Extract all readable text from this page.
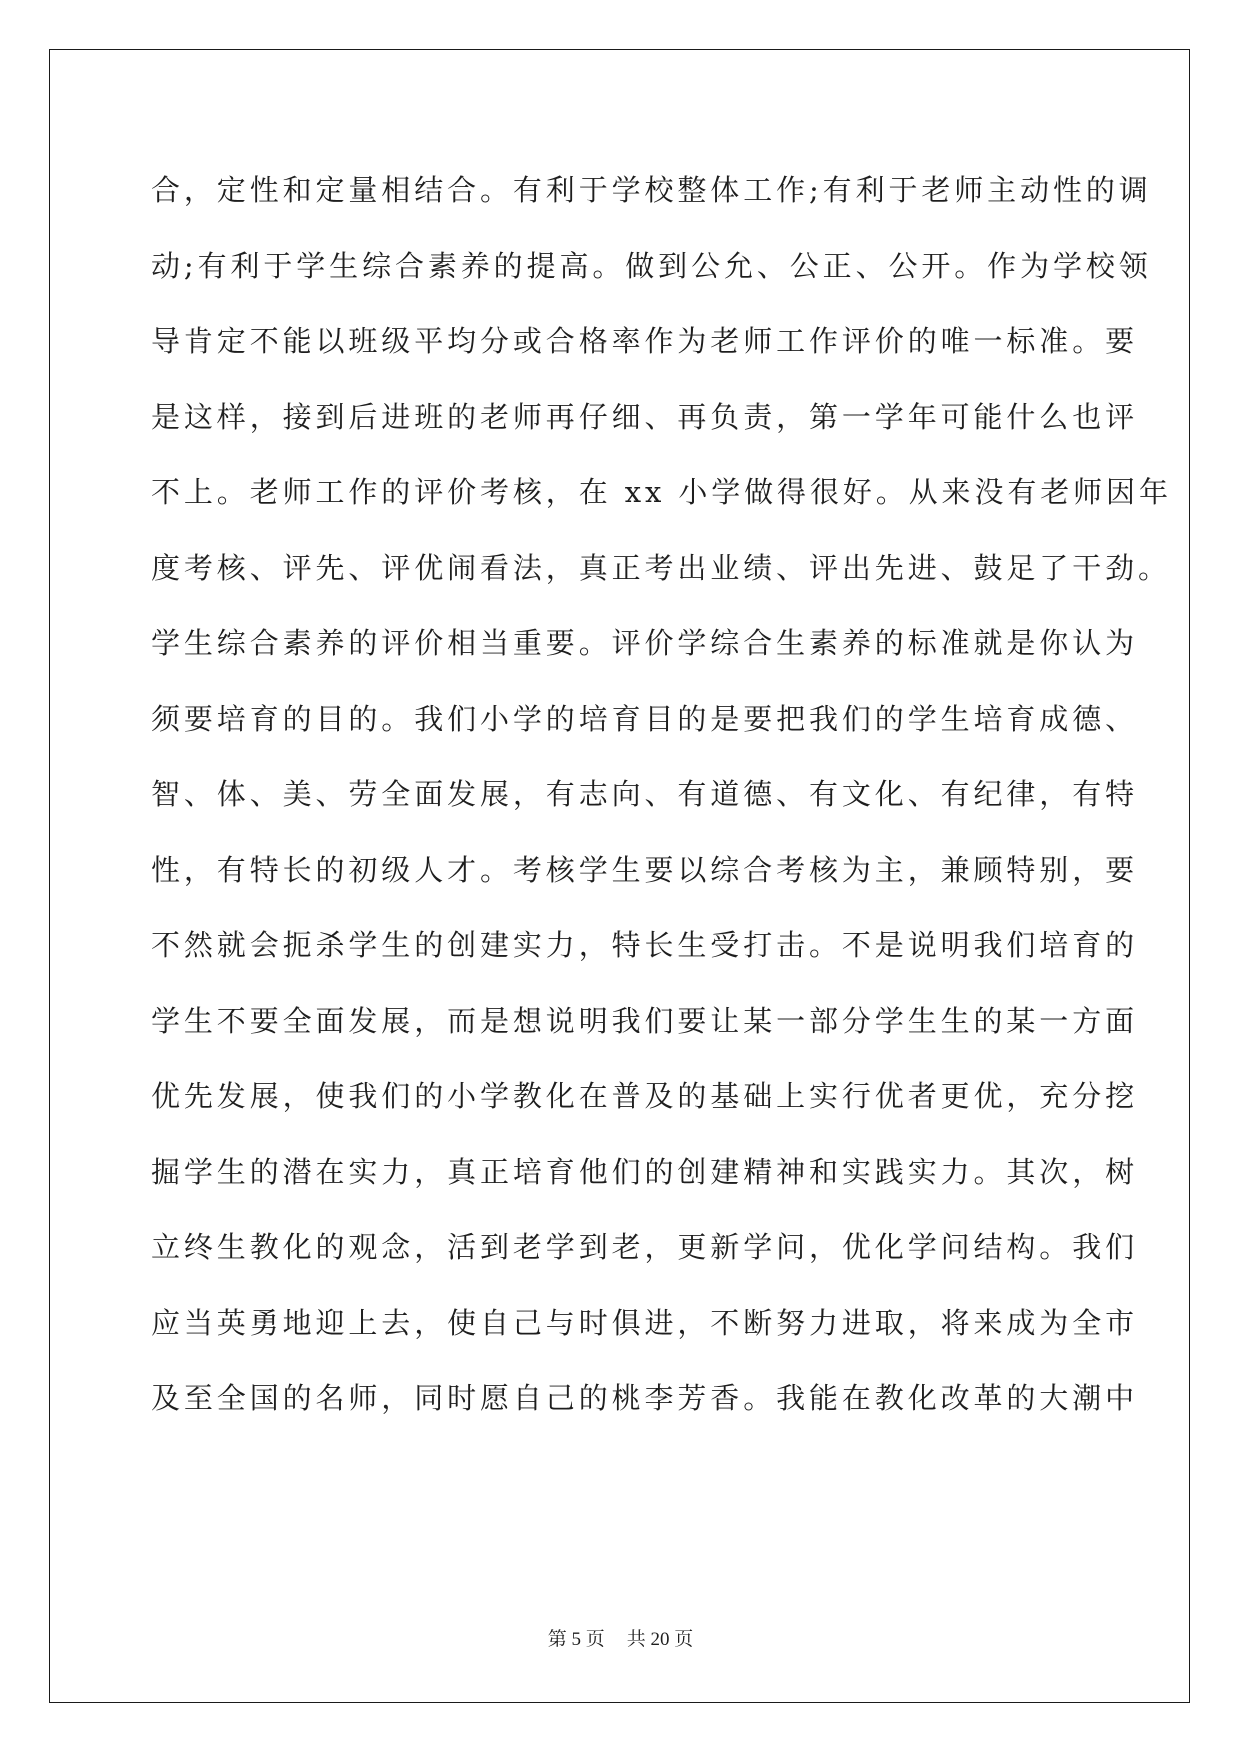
合，定性和定量相结合。有利于学校整体工作;有利于老师主动性的调
动;有利于学生综合素养的提高。做到公允、公正、公开。作为学校领
导肯定不能以班级平均分或合格率作为老师工作评价的唯一标准。要
是这样，接到后进班的老师再仔细、再负责，第一学年可能什么也评
不上。老师工作的评价考核，在 xx 小学做得很好。从来没有老师因年
度考核、评先、评优闹看法，真正考出业绩、评出先进、鼓足了干劲。
学生综合素养的评价相当重要。评价学综合生素养的标准就是你认为
须要培育的目的。我们小学的培育目的是要把我们的学生培育成德、
智、体、美、劳全面发展，有志向、有道德、有文化、有纪律，有特
性，有特长的初级人才。考核学生要以综合考核为主，兼顾特别，要
不然就会扼杀学生的创建实力，特长生受打击。不是说明我们培育的
学生不要全面发展，而是想说明我们要让某一部分学生生的某一方面
优先发展，使我们的小学教化在普及的基础上实行优者更优，充分挖
掘学生的潜在实力，真正培育他们的创建精神和实践实力。其次，树
立终生教化的观念，活到老学到老，更新学问，优化学问结构。我们
应当英勇地迎上去，使自己与时俱进，不断努力进取，将来成为全市
及至全国的名师，同时愿自己的桃李芳香。我能在教化改革的大潮中
第 5 页 共 20 页
